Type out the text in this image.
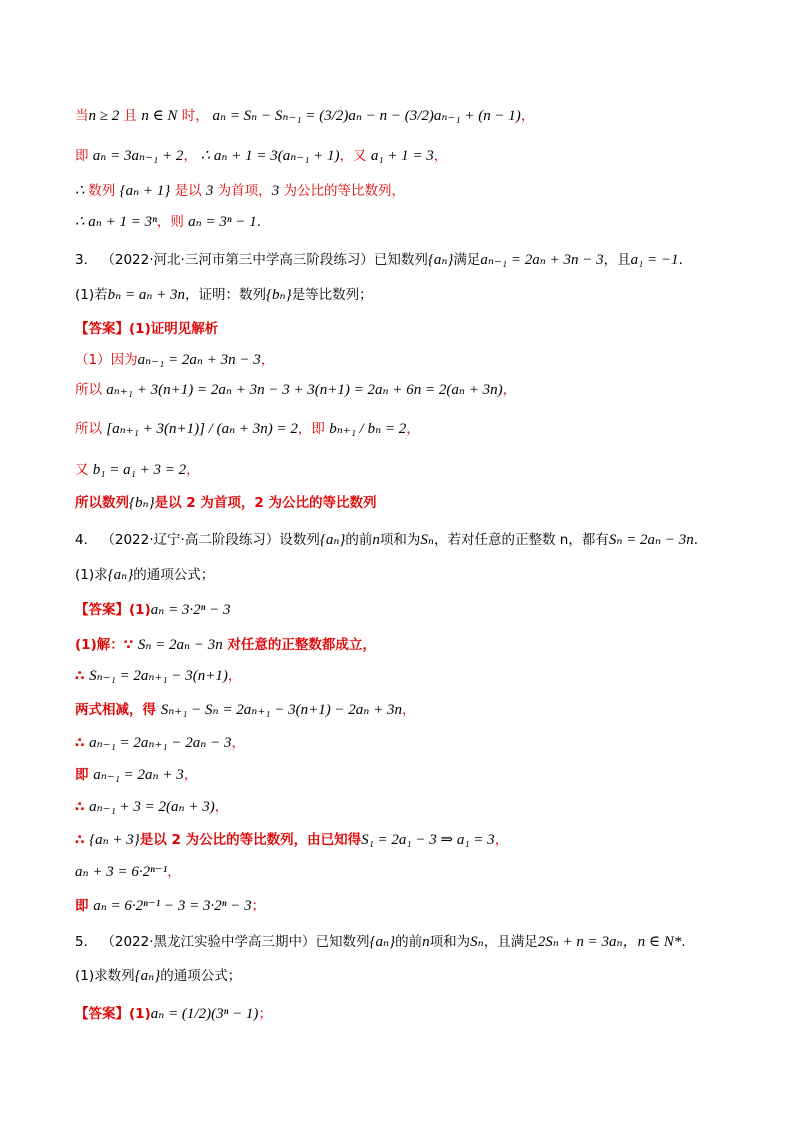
当n ≥ 2 且 n ∈ N 时， aₙ = Sₙ − Sₙ₋₁ = (3/2)aₙ − n − (3/2)aₙ₋₁ + (n − 1)，
即 aₙ = 3aₙ₋₁ + 2， ∴ aₙ + 1 = 3(aₙ₋₁ + 1)，又 a₁ + 1 = 3，
∴ 数列 {aₙ + 1} 是以 3 为首项，3 为公比的等比数列，
∴ aₙ + 1 = 3ⁿ，则 aₙ = 3ⁿ − 1.
3． （2022·河北·三河市第三中学高三阶段练习）已知数列{aₙ}满足aₙ₋₁ = 2aₙ + 3n − 3，且a₁ = −1.
(1)若bₙ = aₙ + 3n，证明：数列{bₙ}是等比数列；
【答案】(1)证明见解析
（1）因为aₙ₋₁ = 2aₙ + 3n − 3，
所以 aₙ₊₁ + 3(n+1) = 2aₙ + 3n − 3 + 3(n+1) = 2aₙ + 6n = 2(aₙ + 3n)，
所以 [aₙ₊₁ + 3(n+1)] / (aₙ + 3n) = 2，即 bₙ₊₁ / bₙ = 2，
又 b₁ = a₁ + 3 = 2，
所以数列{bₙ}是以 2 为首项，2 为公比的等比数列
4． （2022·辽宁·高二阶段练习）设数列{aₙ}的前n项和为Sₙ，若对任意的正整数 n，都有Sₙ = 2aₙ − 3n.
(1)求{aₙ}的通项公式；
【答案】(1)aₙ = 3·2ⁿ − 3
(1)解：∵ Sₙ = 2aₙ − 3n 对任意的正整数都成立，
∴ Sₙ₋₁ = 2aₙ₊₁ − 3(n+1)，
两式相减，得 Sₙ₊₁ − Sₙ = 2aₙ₊₁ − 3(n+1) − 2aₙ + 3n，
∴ aₙ₋₁ = 2aₙ₊₁ − 2aₙ − 3，
即 aₙ₋₁ = 2aₙ + 3，
∴ aₙ₋₁ + 3 = 2(aₙ + 3)，
∴ {aₙ + 3}是以 2 为公比的等比数列，由已知得S₁ = 2a₁ − 3 ⇒ a₁ = 3，
aₙ + 3 = 6·2ⁿ⁻¹，
即 aₙ = 6·2ⁿ⁻¹ − 3 = 3·2ⁿ − 3；
5． （2022·黑龙江实验中学高三期中）已知数列{aₙ}的前n项和为Sₙ，且满足2Sₙ + n = 3aₙ，n ∈ N*.
(1)求数列{aₙ}的通项公式；
【答案】(1)aₙ = (1/2)(3ⁿ − 1)；
